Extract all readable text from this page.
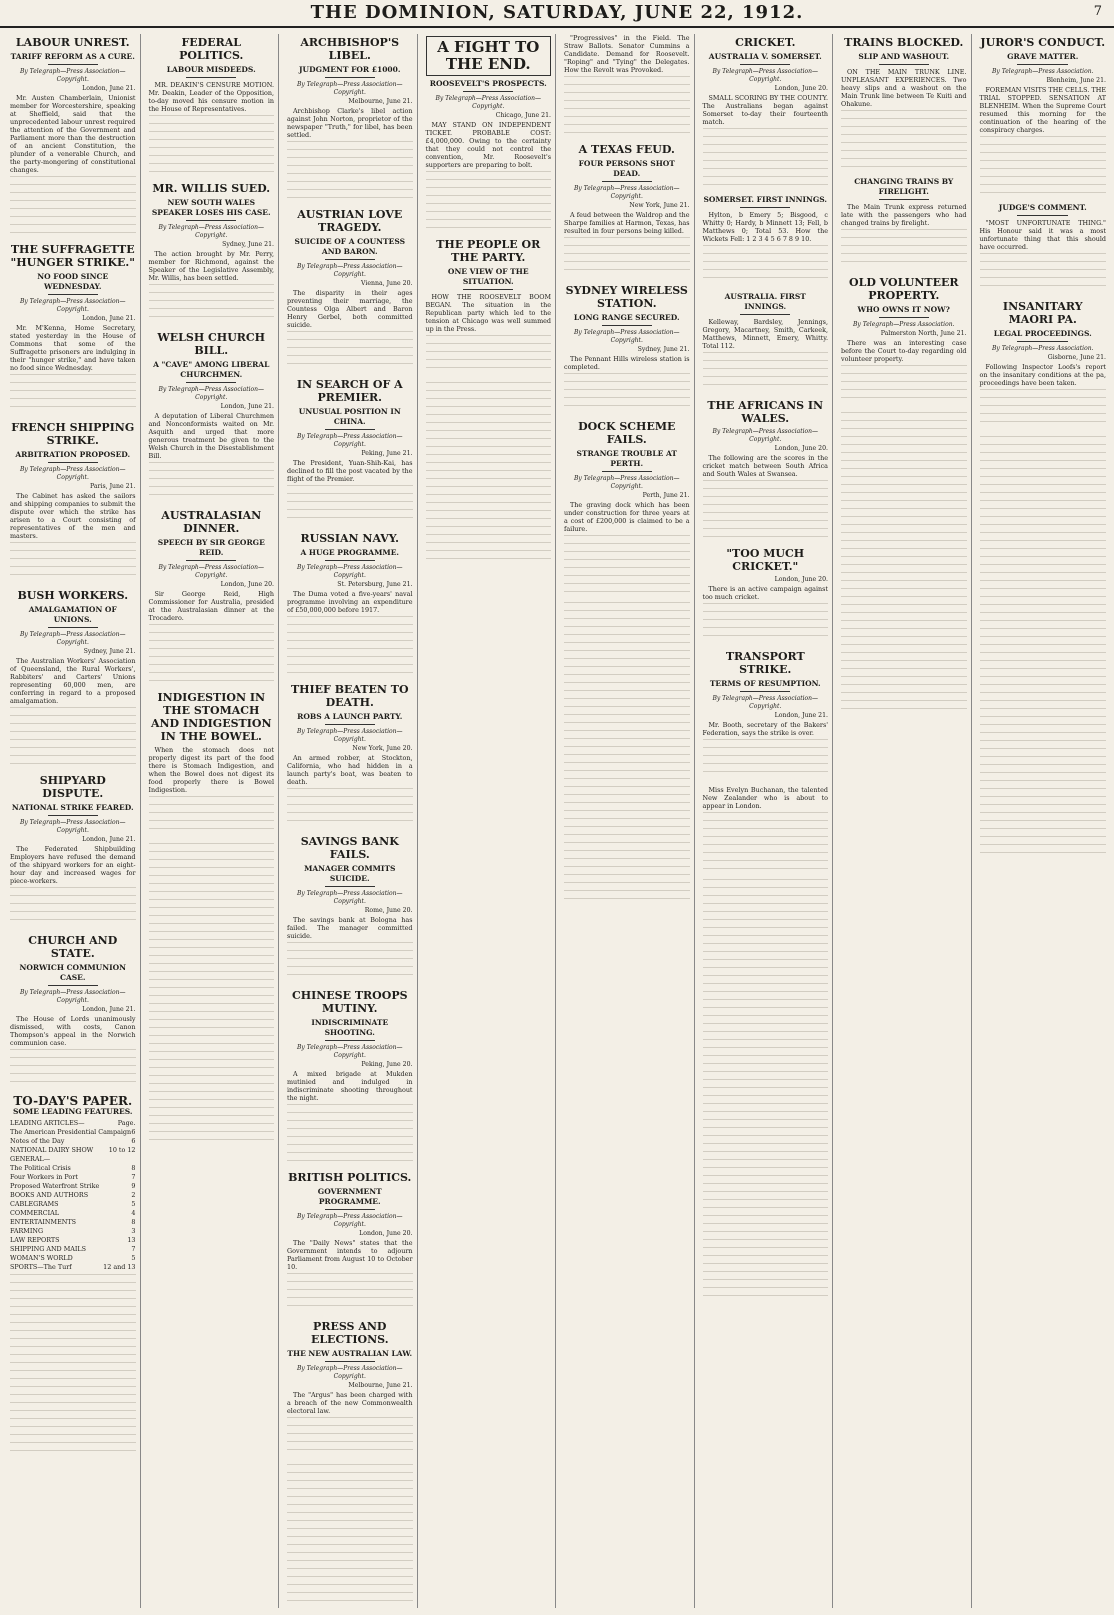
THE DOMINION, SATURDAY, JUNE 22, 1912.	7
LABOUR UNREST.
TARIFF REFORM AS A CURE.
By Telegraph—Press Association—Copyright.
London, June 21.

Mr. Austen Chamberlain, Unionist member for Worcestershire, speaking at Sheffield, said that the unprecedented labour unrest required the attention of the Government and Parliament more than the destruction of an ancient Constitution, the plunder of a venerable Church, and the party-mongering of constitutional changes.

THE SUFFRAGETTE "HUNGER STRIKE."
NO FOOD SINCE WEDNESDAY.
By Telegraph—Press Association—Copyright.
London, June 21.

Mr. M'Kenna, Home Secretary, stated yesterday in the House of Commons that some of the Suffragette prisoners are indulging in their "hunger strike," and have taken no food since Wednesday.

FRENCH SHIPPING STRIKE.
ARBITRATION PROPOSED.
By Telegraph—Press Association—Copyright.
Paris, June 21.

The Cabinet has asked the sailors and shipping companies to submit the dispute over which the strike has arisen to a Court consisting of representatives of the men and masters.

BUSH WORKERS.
AMALGAMATION OF UNIONS.
By Telegraph—Press Association—Copyright.
Sydney, June 21.

The Australian Workers' Association of Queensland, the Rural Workers', Rabbiters' and Carters' Unions representing 60,000 men, are conferring in regard to a proposed amalgamation.

SHIPYARD DISPUTE.
NATIONAL STRIKE FEARED.
By Telegraph—Press Association—Copyright.
London, June 21.

The Federated Shipbuilding Employers have refused the demand of the shipyard workers for an eight-hour day and increased wages for piece-workers.

CHURCH AND STATE.
NORWICH COMMUNION CASE.
By Telegraph—Press Association—Copyright.
London, June 21.

The House of Lords unanimously dismissed, with costs, Canon Thompson's appeal in the Norwich communion case.

TO-DAY'S PAPER.
SOME LEADING FEATURES.
LEADING ARTICLES—	Page.
The American Presidential Campaign 6
Notes of the Day	6
NATIONAL DAIRY SHOW 10 to 12
GENERAL—
The Political Crisis	8
Four Workers in Port	7
Proposed Waterfront Strike	9
BOOKS AND AUTHORS	2
CABLEGRAMS	5
COMMERCIAL	4
ENTERTAINMENTS	8
FARMING	3
LAW REPORTS	13
SHIPPING AND MAILS	7
WOMAN'S WORLD	5
SPORTS—The Turf	12 and 13
FEDERAL POLITICS.
LABOUR MISDEEDS.

MR. DEAKIN'S CENSURE MOTION. Mr. Deakin, Leader of the Opposition, to-day moved his censure motion in the House of Representatives.

MR. WILLIS SUED.
NEW SOUTH WALES SPEAKER LOSES HIS CASE.
By Telegraph—Press Association—Copyright.
Sydney, June 21.

The action brought by Mr. Perry, member for Richmond, against the Speaker of the Legislative Assembly, Mr. Willis, has been settled.

WELSH CHURCH BILL.
A "CAVE" AMONG LIBERAL CHURCHMEN.
By Telegraph—Press Association—Copyright.
London, June 21.

A deputation of Liberal Churchmen and Nonconformists waited on Mr. Asquith and urged that more generous treatment be given to the Welsh Church in the Disestablishment Bill.

AUSTRALASIAN DINNER.
SPEECH BY SIR GEORGE REID.
By Telegraph—Press Association—Copyright.
London, June 20.

Sir George Reid, High Commissioner for Australia, presided at the Australasian dinner at the Trocadero.

INDIGESTION IN THE STOMACH AND INDIGESTION IN THE BOWEL.

When the stomach does not properly digest its part of the food there is Stomach Indigestion, and when the Bowel does not digest its food properly there is Bowel Indigestion.

ARCHBISHOP'S LIBEL.
JUDGMENT FOR £1000.
By Telegraph—Press Association—Copyright.
Melbourne, June 21.

Archbishop Clarke's libel action against John Norton, proprietor of the newspaper "Truth," for libel, has been settled.

AUSTRIAN LOVE TRAGEDY.
SUICIDE OF A COUNTESS AND BARON.
By Telegraph—Press Association—Copyright.
Vienna, June 20.

The disparity in their ages preventing their marriage, the Countess Olga Albert and Baron Henry Gerbel, both committed suicide.

IN SEARCH OF A PREMIER.
UNUSUAL POSITION IN CHINA.
By Telegraph—Press Association—Copyright.
Peking, June 21.

The President, Yuan-Shih-Kai, has declined to fill the post vacated by the flight of the Premier.

RUSSIAN NAVY.
A HUGE PROGRAMME.
By Telegraph—Press Association—Copyright.
St. Petersburg, June 21.

The Duma voted a five-years' naval programme involving an expenditure of £50,000,000 before 1917.

THIEF BEATEN TO DEATH.
ROBS A LAUNCH PARTY.
By Telegraph—Press Association—Copyright.
New York, June 20.

An armed robber, at Stockton, California, who had hidden in a launch party's boat, was beaten to death.

SAVINGS BANK FAILS.
MANAGER COMMITS SUICIDE.
By Telegraph—Press Association—Copyright.
Rome, June 20.

The savings bank at Bologna has failed. The manager committed suicide.

CHINESE TROOPS MUTINY.
INDISCRIMINATE SHOOTING.
By Telegraph—Press Association—Copyright.
Peking, June 20.

A mixed brigade at Mukden mutinied and indulged in indiscriminate shooting throughout the night.

BRITISH POLITICS.
GOVERNMENT PROGRAMME.
By Telegraph—Press Association—Copyright.
London, June 20.

The "Daily News" states that the Government intends to adjourn Parliament from August 10 to October 10.

PRESS AND ELECTIONS.
THE NEW AUSTRALIAN LAW.
By Telegraph—Press Association—Copyright.
Melbourne, June 21.

The "Argus" has been charged with a breach of the new Commonwealth electoral law.

A FIGHT TO THE END.
ROOSEVELT'S PROSPECTS.
By Telegraph—Press Association—Copyright.
Chicago, June 21.

MAY STAND ON INDEPENDENT TICKET. PROBABLE COST: £4,000,000. Owing to the certainty that they could not control the convention, Mr. Roosevelt's supporters are preparing to bolt.

THE PEOPLE OR THE PARTY.
ONE VIEW OF THE SITUATION.

HOW THE ROOSEVELT BOOM BEGAN. The situation in the Republican party which led to the tension at Chicago was well summed up in the Press.

"Progressives" in the Field. The Straw Ballots. Senator Cummins a Candidate. Demand for Roosevelt. "Roping" and "Tying" the Delegates. How the Revolt was Provoked.

A TEXAS FEUD.
FOUR PERSONS SHOT DEAD.
By Telegraph—Press Association—Copyright.
New York, June 21.

A feud between the Waldrop and the Sharpe families at Harmon, Texas, has resulted in four persons being killed.

SYDNEY WIRELESS STATION.
LONG RANGE SECURED.
By Telegraph—Press Association—Copyright.
Sydney, June 21.

The Pennant Hills wireless station is completed.

DOCK SCHEME FAILS.
STRANGE TROUBLE AT PERTH.
By Telegraph—Press Association—Copyright.
Perth, June 21.

The graving dock which has been under construction for three years at a cost of £200,000 is claimed to be a failure.

CRICKET.
AUSTRALIA V. SOMERSET.
By Telegraph—Press Association—Copyright.
London, June 20.

SMALL SCORING BY THE COUNTY. The Australians began against Somerset to-day their fourteenth match.

SOMERSET. FIRST INNINGS.

Hylton, b Emery 5; Bisgood, c Whitty 0; Hardy, b Minnett 13; Fell, b Matthews 0; Total 53. How the Wickets Fell: 1 2 3 4 5 6 7 8 9 10.

AUSTRALIA. FIRST INNINGS.

Kelleway, Bardsley, Jennings, Gregory, Macartney, Smith, Carkeek, Matthews, Minnett, Emery, Whitty. Total 112.

THE AFRICANS IN WALES.
By Telegraph—Press Association—Copyright.
London, June 20.

The following are the scores in the cricket match between South Africa and South Wales at Swansea.

"TOO MUCH CRICKET."
London, June 20.

There is an active campaign against too much cricket.

TRANSPORT STRIKE.
TERMS OF RESUMPTION.
By Telegraph—Press Association—Copyright.
London, June 21.

Mr. Booth, secretary of the Bakers' Federation, says the strike is over.

Miss Evelyn Buchanan, the talented New Zealander who is about to appear in London.

TRAINS BLOCKED.
SLIP AND WASHOUT.

ON THE MAIN TRUNK LINE. UNPLEASANT EXPERIENCES. Two heavy slips and a washout on the Main Trunk line between Te Kuiti and Ohakune.

CHANGING TRAINS BY FIRELIGHT.

The Main Trunk express returned late with the passengers who had changed trains by firelight.

OLD VOLUNTEER PROPERTY.
WHO OWNS IT NOW?
By Telegraph—Press Association.
Palmerston North, June 21.

There was an interesting case before the Court to-day regarding old volunteer property.

JUROR'S CONDUCT.
GRAVE MATTER.
By Telegraph—Press Association.
Blenheim, June 21.

FOREMAN VISITS THE CELLS. THE TRIAL STOPPED. SENSATION AT BLENHEIM. When the Supreme Court resumed this morning for the continuation of the hearing of the conspiracy charges.

JUDGE'S COMMENT.

"MOST UNFORTUNATE THING." His Honour said it was a most unfortunate thing that this should have occurred.

INSANITARY MAORI PA.
LEGAL PROCEEDINGS.
By Telegraph—Press Association.
Gisborne, June 21.

Following Inspector Loofs's report on the insanitary conditions at the pa, proceedings have been taken.
